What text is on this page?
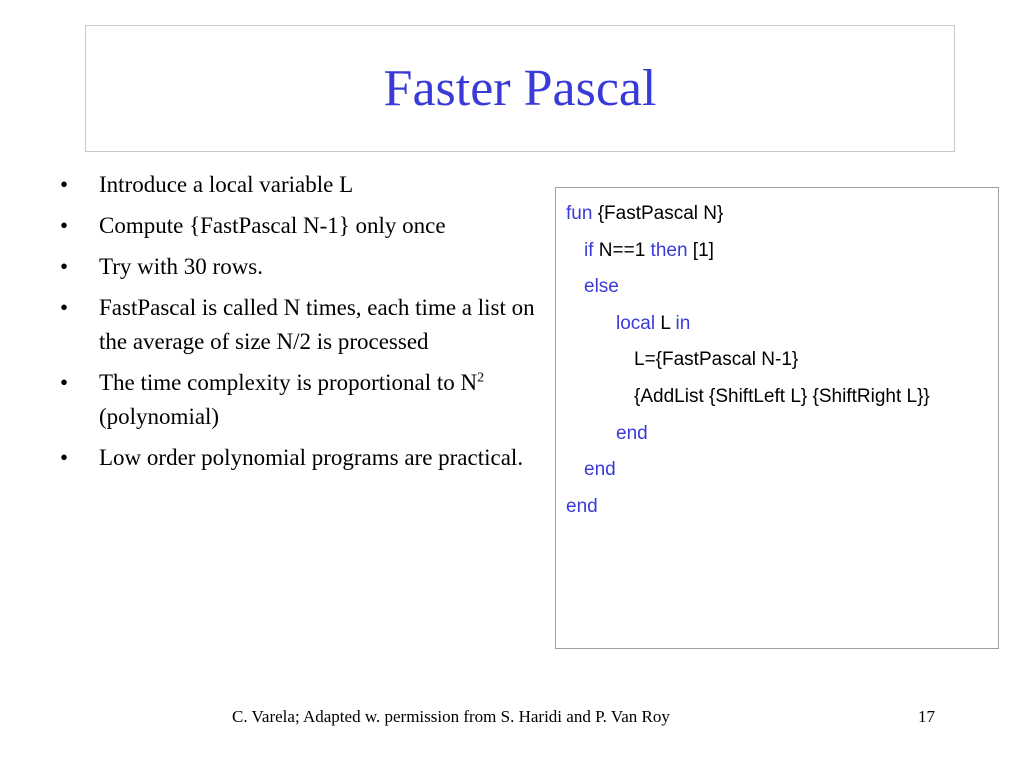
Faster Pascal
• Introduce a local variable L
• Compute {FastPascal N-1} only once
• Try with 30 rows.
• FastPascal is called N times, each time a list on the average of size N/2 is processed
• The time complexity is proportional to $N^2$ (polynomial)
• Low order polynomial programs are practical.
fun {FastPascal N}
if N==1 then [1]
else
local L in
L={FastPascal N-1}
{AddList {ShiftLeft L} {ShiftRight L}}
end
end
end
C. Varela; Adapted w. permission from S. Haridi and P. Van Roy	17
